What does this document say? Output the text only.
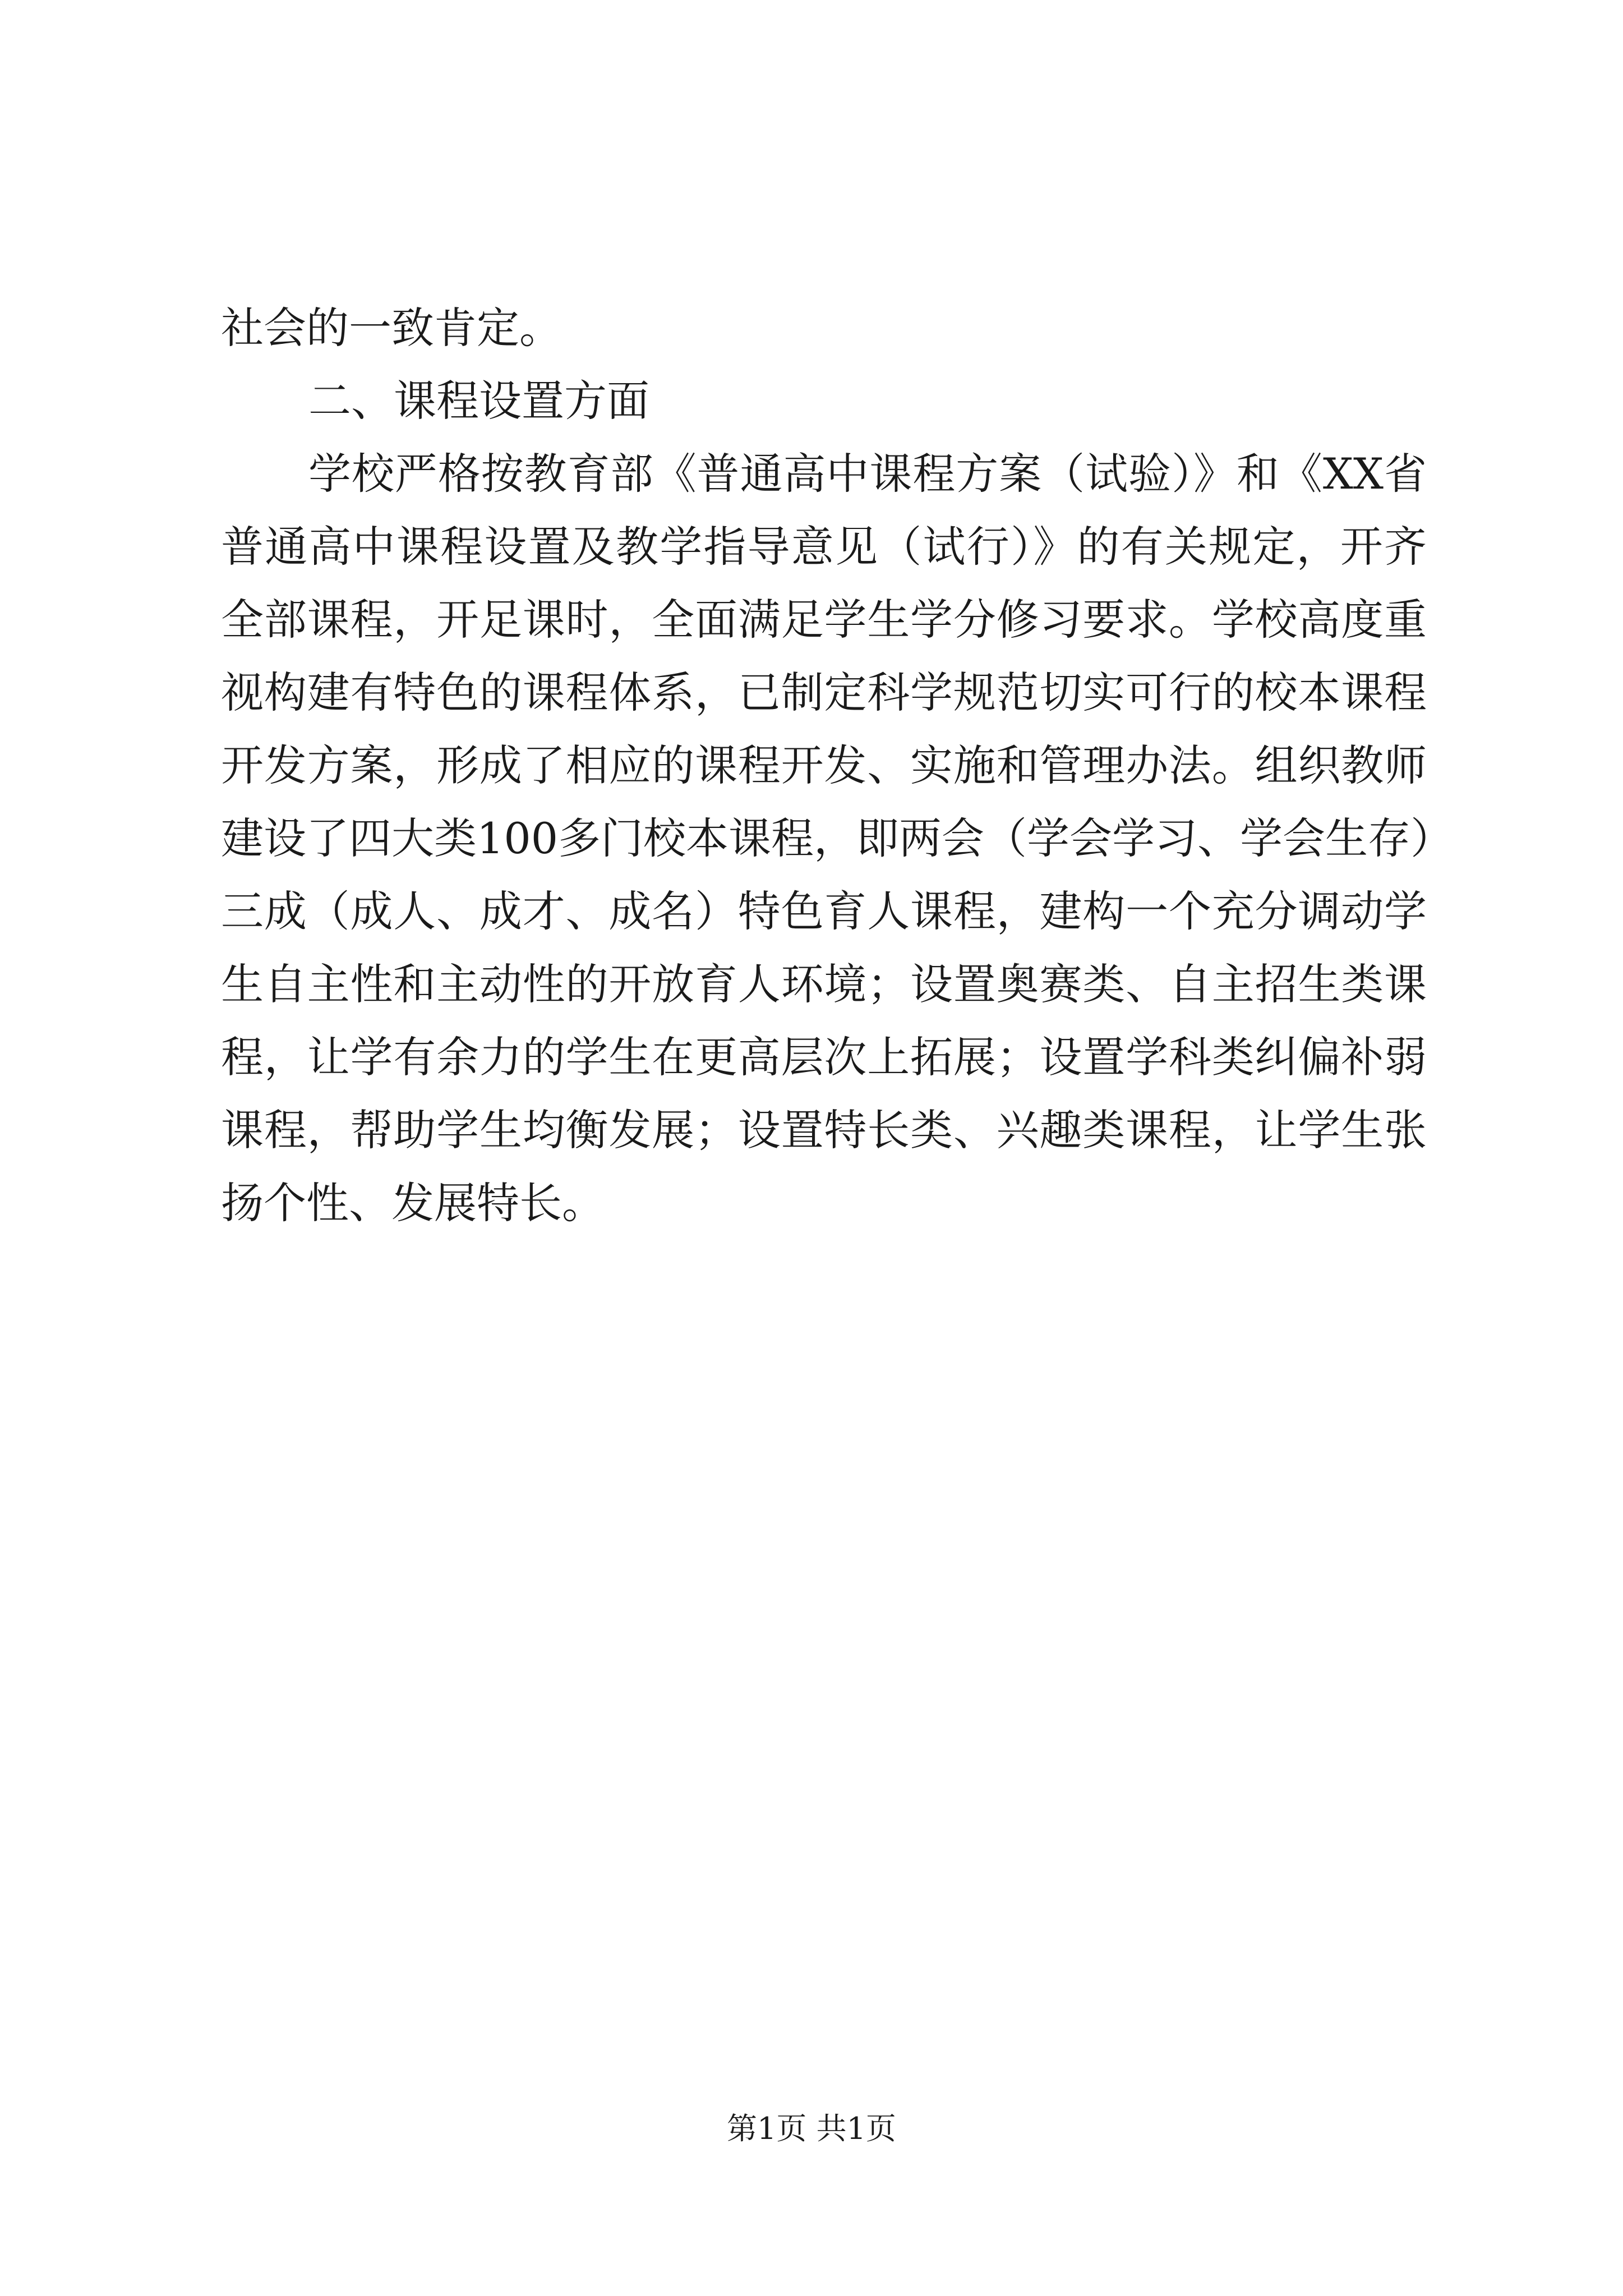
社会的一致肯定。
二、课程设置方面
学校严格按教育部《普通高中课程方案（试验）》和《XX省
普通高中课程设置及教学指导意见（试行）》的有关规定，开齐
全部课程，开足课时，全面满足学生学分修习要求。学校高度重
视构建有特色的课程体系，已制定科学规范切实可行的校本课程
开发方案，形成了相应的课程开发、实施和管理办法。组织教师
建设了四大类100多门校本课程，即两会（学会学习、学会生存）
三成（成人、成才、成名）特色育人课程，建构一个充分调动学
生自主性和主动性的开放育人环境；设置奥赛类、自主招生类课
程，让学有余力的学生在更高层次上拓展；设置学科类纠偏补弱
课程，帮助学生均衡发展；设置特长类、兴趣类课程，让学生张
扬个性、发展特长。
第1页 共1页
